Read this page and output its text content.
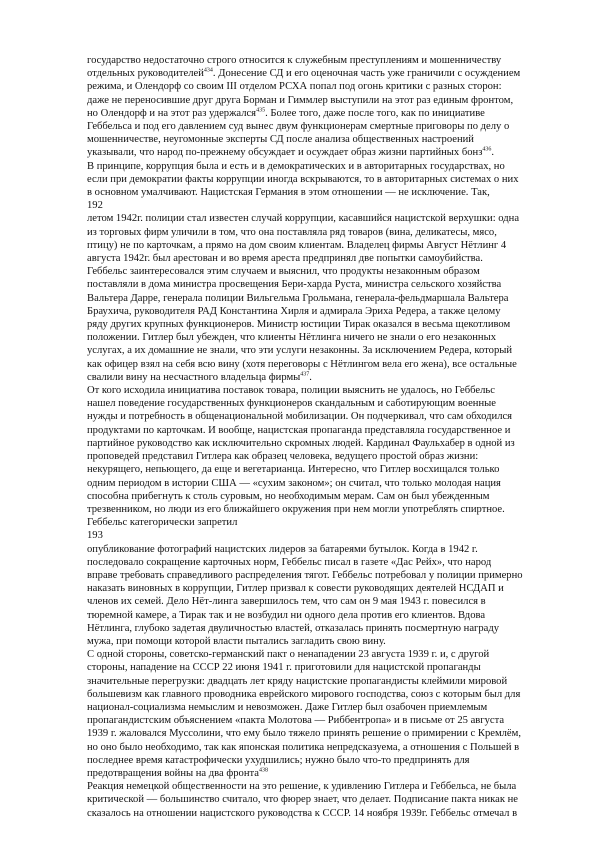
государство недостаточно строго относится к служебным преступлениям и мошенничеству отдельных руководителей$^{434}$. Донесение СД и его оценочная часть уже граничили с осуждением режима, и Олендорф со своим III отделом РСХА попал под огонь критики с разных сторон: даже не переносившие друг друга Борман и Гиммлер выступили на этот раз единым фронтом, но Олендорф и на этот раз удержался$^{435}$. Более того, даже после того, как по инициативе Геббельса и под его давлением суд вынес двум функционерам смертные приговоры по делу о мошенничестве, неугомонные эксперты СД после анализа общественных настроений указывали, что народ по-прежнему обсуждает и осуждает образ жизни партийных бонз$^{436}$.

В принципе, коррупция была и есть и в демократических и в авторитарных государствах, но если при демократии факты коррупции иногда вскрываются, то в авторитарных системах о них в основном умалчивают. Нацистская Германия в этом отношении — не исключение. Так,

192

летом 1942г. полиции стал известен случай коррупции, касавшийся нацистской верхушки: одна из торговых фирм уличили в том, что она поставляла ряд товаров (вина, деликатесы, мясо, птицу) не по карточкам, а прямо на дом своим клиентам. Владелец фирмы Август Нётлинг 4 августа 1942г. был арестован и во время ареста предпринял две попытки самоубийства. Геббельс заинтересовался этим случаем и выяснил, что продукты незаконным образом поставляли в дома министра просвещения Бери-харда Руста, министра сельского хозяйства Вальтера Дарре, генерала полиции Вильгельма Грольмана, генерала-фельдмаршала Вальтера Браухича, руководителя РАД Константина Хирля и адмирала Эриха Редера, а также целому ряду других крупных функционеров. Министр юстиции Тирак оказался в весьма щекотливом положении. Гитлер был убежден, что клиенты Нётлинга ничего не знали о его незаконных услугах, а их домашние не знали, что эти услуги незаконны. За исключением Редера, который как офицер взял на себя всю вину (хотя переговоры с Нётлингом вела его жена), все остальные свалили вину на несчастного владельца фирмы$^{437}$.

От кого исходила инициатива поставок товара, полиции выяснить не удалось, но Геббельс нашел поведение государственных функционеров скандальным и саботирующим военные нужды и потребность в общенациональной мобилизации. Он подчеркивал, что сам обходился продуктами по карточкам. И вообще, нацистская пропаганда представляла государственное и партийное руководство как исключительно скромных людей. Кардинал Фаульхабер в одной из проповедей представил Гитлера как образец человека, ведущего простой образ жизни: некурящего, непьющего, да еще и вегетарианца. Интересно, что Гитлер восхищался только одним периодом в истории США — «сухим законом»; он считал, что только молодая нация способна прибегнуть к столь суровым, но необходимым мерам. Сам он был убежденным трезвенником, но люди из его ближайшего окружения при нем могли употреблять спиртное. Геббельс категорически запретил

193

опубликование фотографий нацистских лидеров за батареями бутылок. Когда в 1942 г. последовало сокращение карточных норм, Геббельс писал в газете «Дас Рейх», что народ вправе требовать справедливого распределения тягот. Геббельс потребовал у полиции примерно наказать виновных в коррупции, Гитлер призвал к совести руководящих деятелей НСДАП и членов их семей. Дело Нёт-линга завершилось тем, что сам он 9 мая 1943 г. повесился в тюремной камере, а Тирак так и не возбудил ни одного дела против его клиентов. Вдова Нётлинга, глубоко задетая двуличностью властей, отказалась принять посмертную награду мужа, при помощи которой власти пытались загладить свою вину.

С одной стороны, советско-германский пакт о ненападении 23 августа 1939 г. и, с другой стороны, нападение на СССР 22 июня 1941 г. приготовили для нацистской пропаганды значительные перегрузки: двадцать лет кряду нацистские пропагандисты клеймили мировой большевизм как главного проводника еврейского мирового господства, союз с которым был для национал-социализма немыслим и невозможен. Даже Гитлер был озабочен приемлемым пропагандистским объяснением «пакта Молотова — Риббентропа» и в письме от 25 августа 1939 г. жаловался Муссолини, что ему было тяжело принять решение о примирении с Кремлём, но оно было необходимо, так как японская политика непредсказуема, а отношения с Польшей в последнее время катастрофически ухудшились; нужно было что-то предпринять для предотвращения войны на два фронта$^{438}$

Реакция немецкой общественности на это решение, к удивлению Гитлера и Геббельса, не была критической — большинство считало, что фюрер знает, что делает. Подписание пакта никак не сказалось на отношении нацистского руководства к СССР. 14 ноября 1939г. Геббельс отмечал в
